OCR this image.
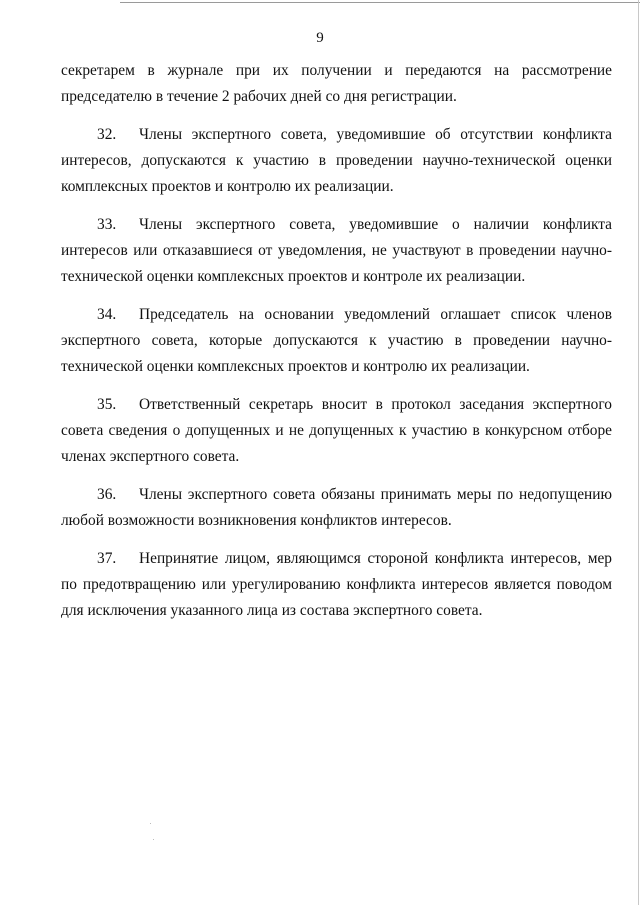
9

секретарем в журнале при их получении и передаются на рассмотрение председателю в течение 2 рабочих дней со дня регистрации.

32. Члены экспертного совета, уведомившие об отсутствии конфликта интересов, допускаются к участию в проведении научно-технической оценки комплексных проектов и контролю их реализации.

33. Члены экспертного совета, уведомившие о наличии конфликта интересов или отказавшиеся от уведомления, не участвуют в проведении научно-технической оценки комплексных проектов и контроле их реализации.

34. Председатель на основании уведомлений оглашает список членов экспертного совета, которые допускаются к участию в проведении научно-технической оценки комплексных проектов и контролю их реализации.

35. Ответственный секретарь вносит в протокол заседания экспертного совета сведения о допущенных и не допущенных к участию в конкурсном отборе членах экспертного совета.

36. Члены экспертного совета обязаны принимать меры по недопущению любой возможности возникновения конфликтов интересов.

37. Непринятие лицом, являющимся стороной конфликта интересов, мер по предотвращению или урегулированию конфликта интересов является поводом для исключения указанного лица из состава экспертного совета.
